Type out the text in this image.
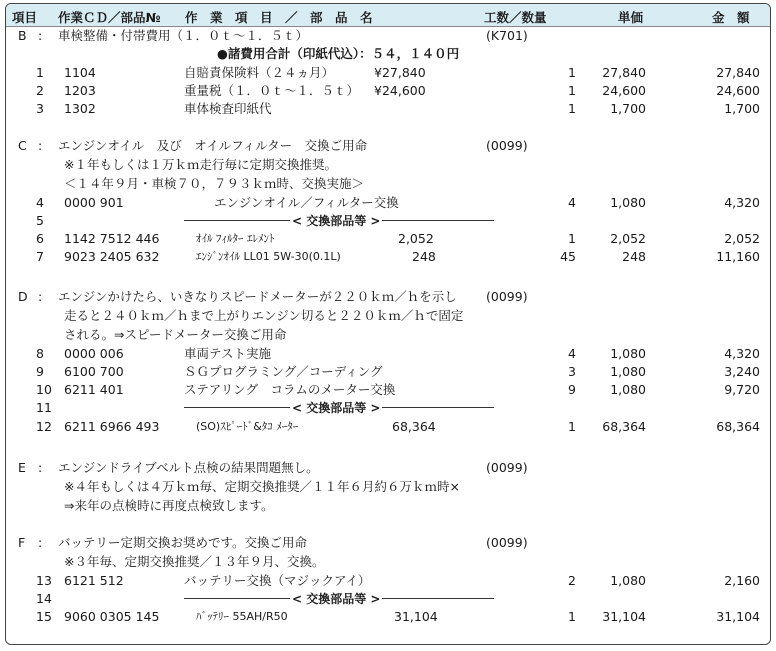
項目 作業ＣＤ／部品№ 作　業　項　目　／　部　品　名	工数／数量	単価	金　額
B : 車検整備・付帯費用（１．０ｔ〜１．５ｔ）	(K701)
●諸費用合計（印紙代込）：５４，１４０円
1 1104	自賠責保険料（２４ヵ月）	¥27,840	1	27,840	27,840
2 1203	重量税（１．０ｔ〜１．５ｔ） ¥24,600	1	24,600	24,600
3 1302	車体検査印紙代	1	1,700	1,700
C : エンジンオイル　及び　オイルフィルター　交換ご用命	(0099)
※１年もしくは１万ｋｍ走行毎に定期交換推奨。
＜１４年９月・車検７０，７９３ｋｍ時、交換実施＞
4 0000 901	エンジンオイル／フィルター交換	4	1,080	4,320
5	< 交換部品等 >
6 1142 7512 446	ｵｲﾙ ﾌｨﾙﾀｰ ｴﾚﾒﾝﾄ	2,052	1	2,052	2,052
7 9023 2405 632	ｴﾝｼﾞﾝｵｲﾙ LL01 5W-30(0.1L)	248	45	248	11,160
D : エンジンかけたら、いきなりスピードメーターが２２０ｋｍ／ｈを示し (0099)
走ると２４０ｋｍ／ｈまで上がりエンジン切ると２２０ｋｍ／ｈで固定
される。⇒スピードメーター交換ご用命
8 0000 006	車両テスト実施	4	1,080	4,320
9 6100 700	ＳＧプログラミング／コーディング	3	1,080	3,240
10 6211 401	ステアリング　コラムのメーター交換	9	1,080	9,720
11	< 交換部品等 >
12 6211 6966 493	(SO)ｽﾋﾟｰﾄﾞ&ﾀｺ ﾒｰﾀｰ	68,364	1	68,364	68,364
E : エンジンドライブベルト点検の結果問題無し。	(0099)
※４年もしくは４万ｋｍ毎、定期交換推奨／１１年６月約６万ｋｍ時×
⇒来年の点検時に再度点検致します。
F : バッテリー定期交換お奨めです。交換ご用命	(0099)
※３年毎、定期交換推奨／１３年９月、交換。
13 6121 512	バッテリー交換（マジックアイ）	2	1,080	2,160
14	< 交換部品等 >
15 9060 0305 145	ﾊﾞｯﾃﾘｰ 55AH/R50	31,104	1	31,104	31,104
